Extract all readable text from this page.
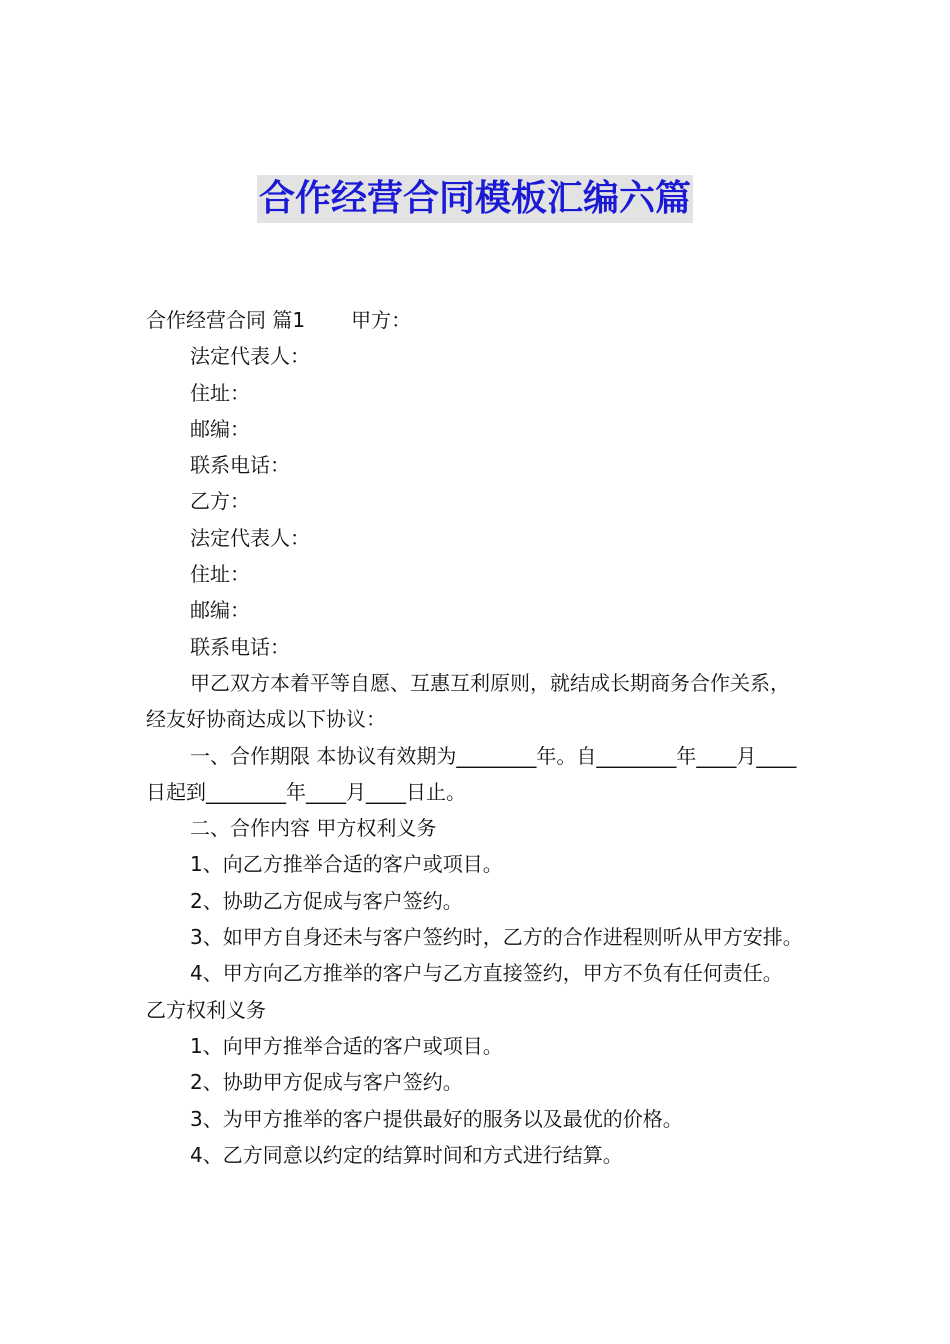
合作经营合同模板汇编六篇

合作经营合同 篇1 甲方：

法定代表人：

住址：

邮编：

联系电话：

乙方：

法定代表人：

住址：

邮编：

联系电话：

甲乙双方本着平等自愿、互惠互利原则，就结成长期商务合作关系，经友好协商达成以下协议：

一、合作期限 本协议有效期为________年。自________年____月____日起到________年____月____日止。

二、合作内容 甲方权利义务

1、向乙方推举合适的客户或项目。

2、协助乙方促成与客户签约。

3、如甲方自身还未与客户签约时，乙方的合作进程则听从甲方安排。

4、甲方向乙方推举的客户与乙方直接签约，甲方不负有任何责任。 乙方权利义务

1、向甲方推举合适的客户或项目。

2、协助甲方促成与客户签约。

3、为甲方推举的客户提供最好的服务以及最优的价格。

4、乙方同意以约定的结算时间和方式进行结算。
